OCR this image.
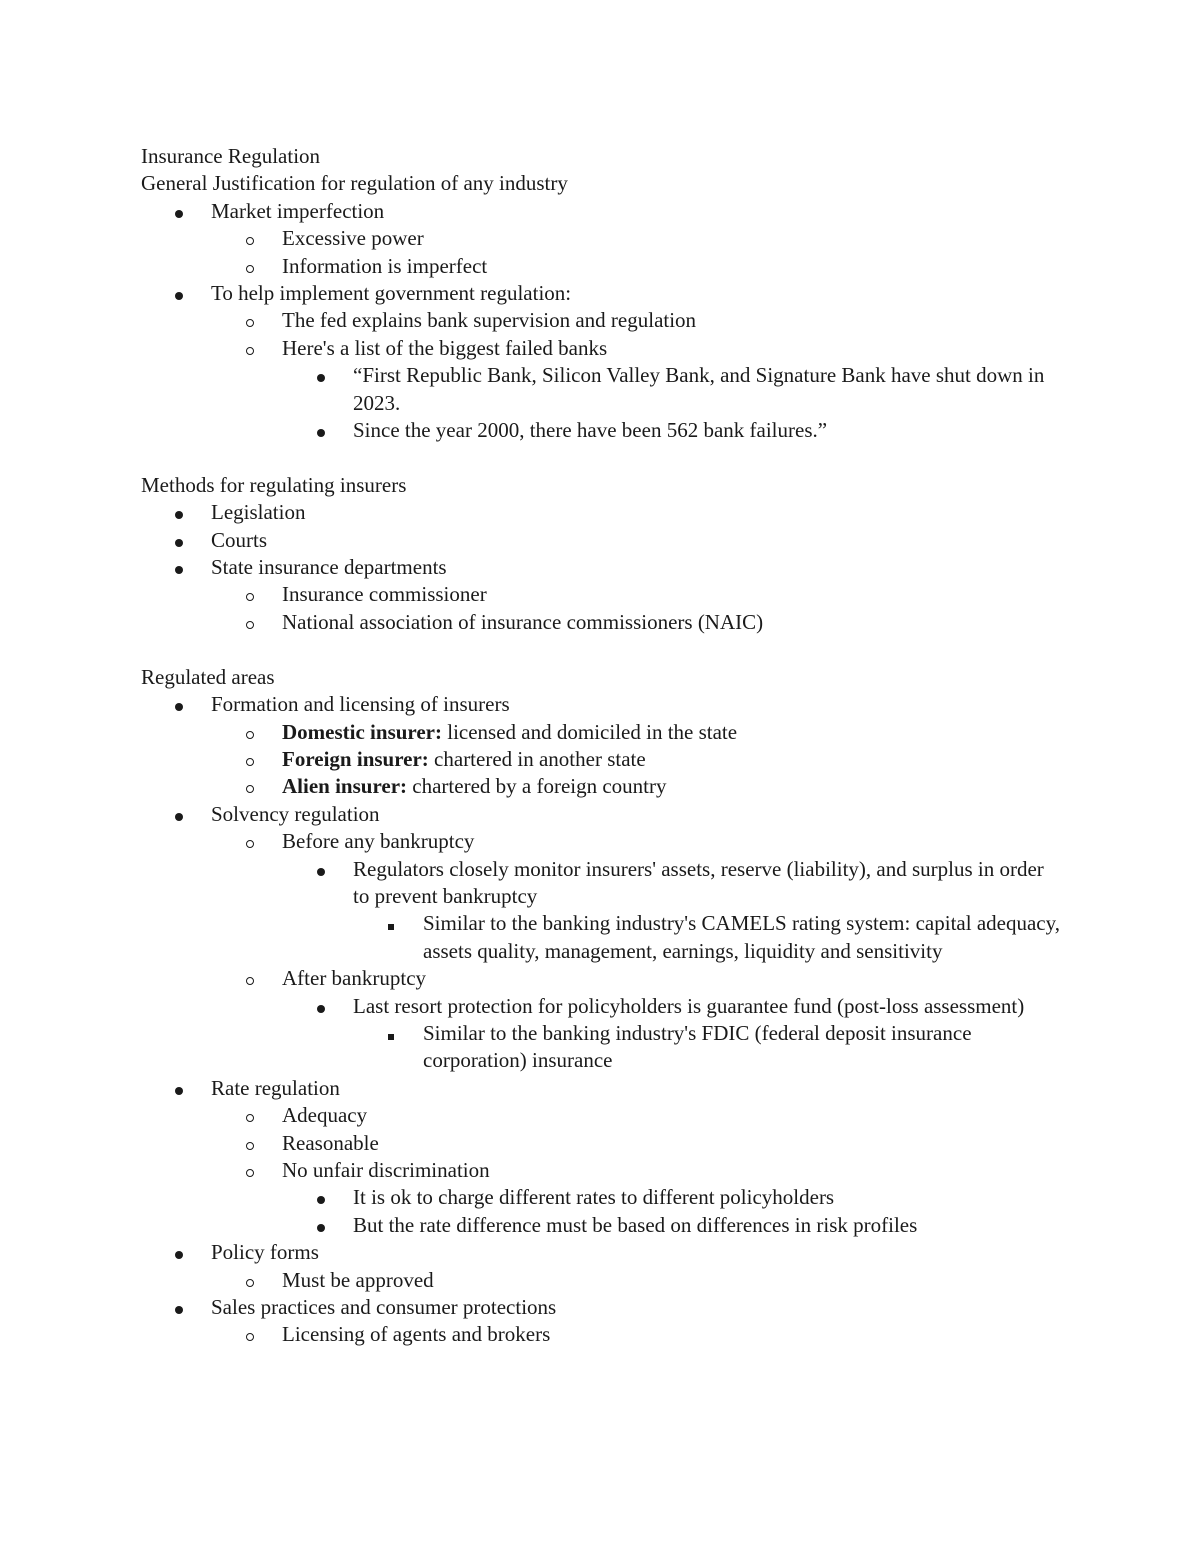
Insurance Regulation
General Justification for regulation of any industry
Market imperfection
Excessive power
Information is imperfect
To help implement government regulation:
The fed explains bank supervision and regulation
Here's a list of the biggest failed banks
“First Republic Bank, Silicon Valley Bank, and Signature Bank have shut down in 2023.
Since the year 2000, there have been 562 bank failures.”
Methods for regulating insurers
Legislation
Courts
State insurance departments
Insurance commissioner
National association of insurance commissioners (NAIC)
Regulated areas
Formation and licensing of insurers
Domestic insurer: licensed and domiciled in the state
Foreign insurer: chartered in another state
Alien insurer: chartered by a foreign country
Solvency regulation
Before any bankruptcy
Regulators closely monitor insurers' assets, reserve (liability), and surplus in order to prevent bankruptcy
Similar to the banking industry's CAMELS rating system: capital adequacy, assets quality, management, earnings, liquidity and sensitivity
After bankruptcy
Last resort protection for policyholders is guarantee fund (post-loss assessment)
Similar to the banking industry's FDIC (federal deposit insurance corporation) insurance
Rate regulation
Adequacy
Reasonable
No unfair discrimination
It is ok to charge different rates to different policyholders
But the rate difference must be based on differences in risk profiles
Policy forms
Must be approved
Sales practices and consumer protections
Licensing of agents and brokers
